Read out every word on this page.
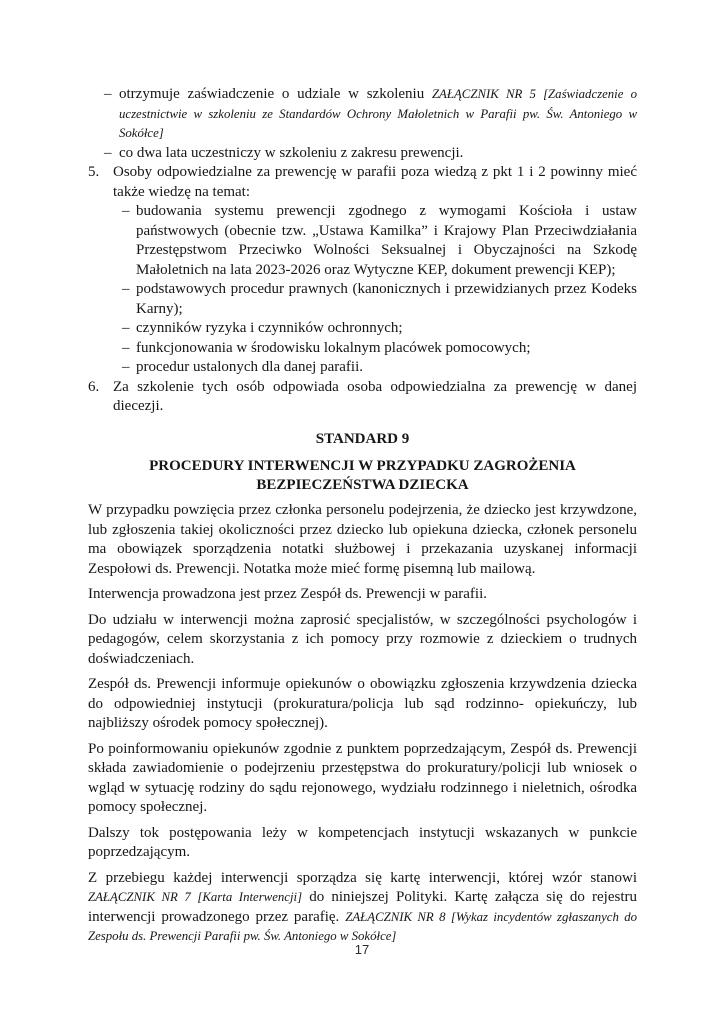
– otrzymuje zaświadczenie o udziale w szkoleniu ZAŁĄCZNIK NR 5 [Zaświadczenie o uczestnictwie w szkoleniu ze Standardów Ochrony Małoletnich w Parafii pw. Św. Antoniego w Sokółce]
– co dwa lata uczestniczy w szkoleniu z zakresu prewencji.
5. Osoby odpowiedzialne za prewencję w parafii poza wiedzą z pkt 1 i 2 powinny mieć także wiedzę na temat:
– budowania systemu prewencji zgodnego z wymogami Kościoła i ustaw państwowych (obecnie tzw. „Ustawa Kamilka” i Krajowy Plan Przeciwdziałania Przestępstwom Przeciwko Wolności Seksualnej i Obyczajności na Szkodę Małoletnich na lata 2023-2026 oraz Wytyczne KEP, dokument prewencji KEP);
– podstawowych procedur prawnych (kanonicznych i przewidzianych przez Kodeks Karny);
– czynników ryzyka i czynników ochronnych;
– funkcjonowania w środowisku lokalnym placówek pomocowych;
– procedur ustalonych dla danej parafii.
6. Za szkolenie tych osób odpowiada osoba odpowiedzialna za prewencję w danej diecezji.
STANDARD 9
PROCEDURY INTERWENCJI W PRZYPADKU ZAGROŻENIA
BEZPIECZEŃSTWA DZIECKA
W przypadku powzięcia przez członka personelu podejrzenia, że dziecko jest krzywdzone, lub zgłoszenia takiej okoliczności przez dziecko lub opiekuna dziecka, członek personelu ma obowiązek sporządzenia notatki służbowej i przekazania uzyskanej informacji Zespołowi ds. Prewencji. Notatka może mieć formę pisemną lub mailową.
Interwencja prowadzona jest przez Zespół ds. Prewencji w parafii.
Do udziału w interwencji można zaprosić specjalistów, w szczególności psychologów i pedagogów, celem skorzystania z ich pomocy przy rozmowie z dzieckiem o trudnych doświadczeniach.
Zespół ds. Prewencji informuje opiekunów o obowiązku zgłoszenia krzywdzenia dziecka do odpowiedniej instytucji (prokuratura/policja lub sąd rodzinno- opiekuńczy, lub najbliższy ośrodek pomocy społecznej).
Po poinformowaniu opiekunów zgodnie z punktem poprzedzającym, Zespół ds. Prewencji składa zawiadomienie o podejrzeniu przestępstwa do prokuratury/policji lub wniosek o wgląd w sytuację rodziny do sądu rejonowego, wydziału rodzinnego i nieletnich, ośrodka pomocy społecznej.
Dalszy tok postępowania leży w kompetencjach instytucji wskazanych w punkcie poprzedzającym.
Z przebiegu każdej interwencji sporządza się kartę interwencji, której wzór stanowi ZAŁĄCZNIK NR 7 [Karta Interwencji] do niniejszej Polityki. Kartę załącza się do rejestru interwencji prowadzonego przez parafię. ZAŁĄCZNIK NR 8 [Wykaz incydentów zgłaszanych do Zespołu ds. Prewencji Parafii pw. Św. Antoniego w Sokółce]
17
